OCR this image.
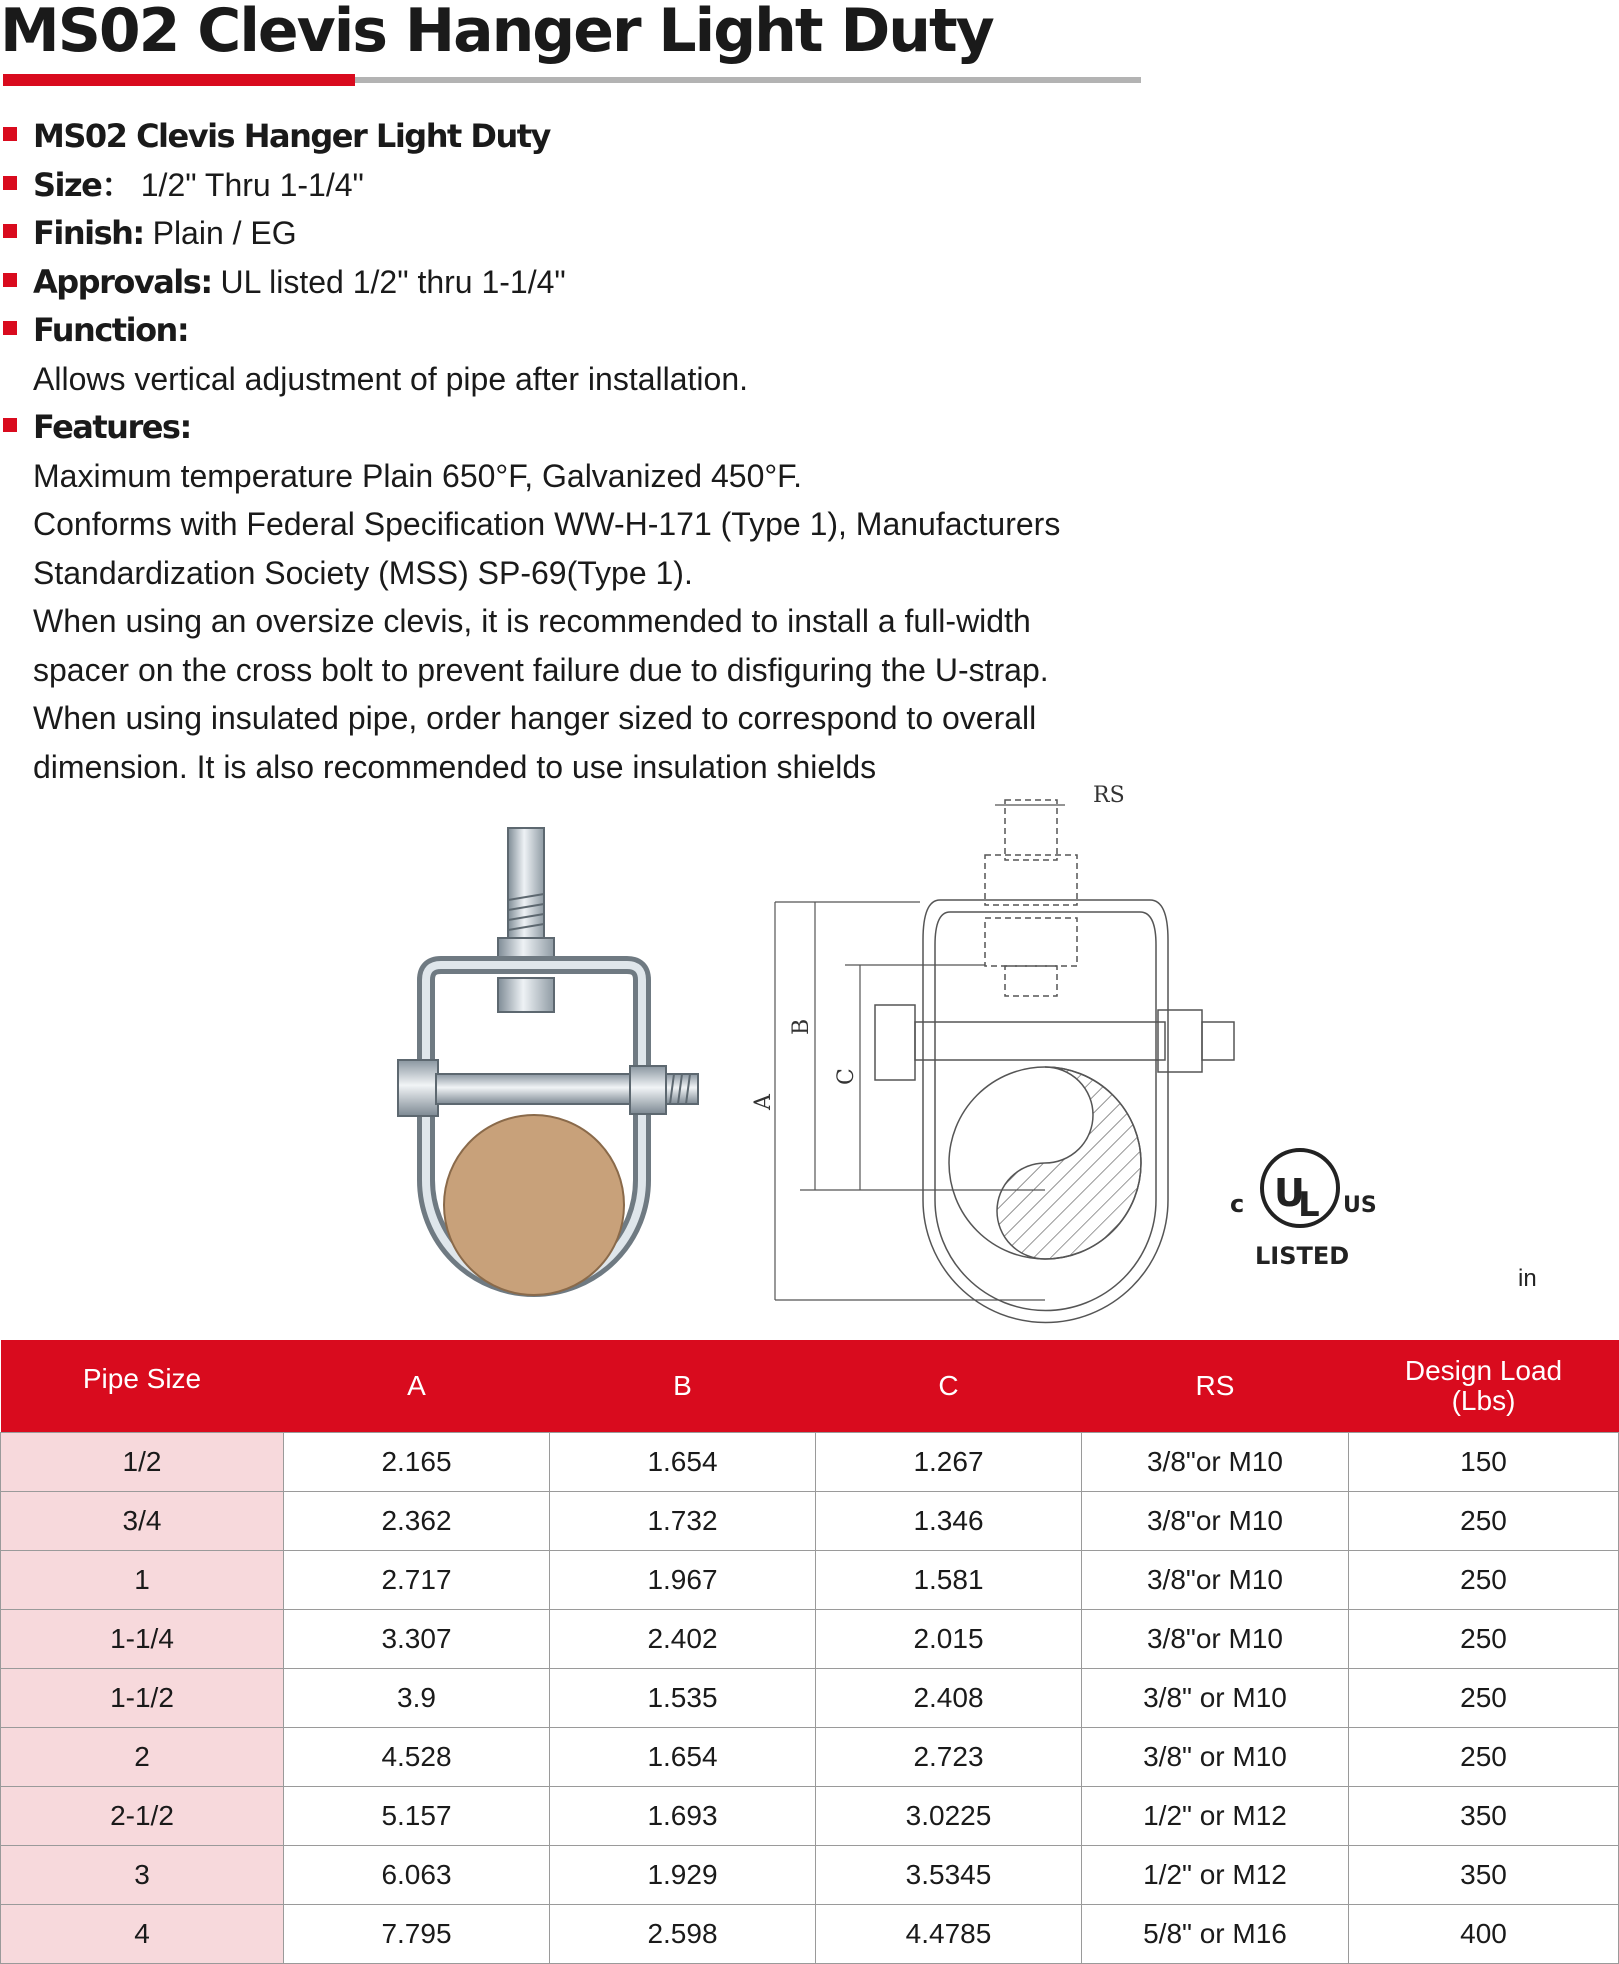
MS02 Clevis Hanger Light Duty
MS02 Clevis Hanger Light Duty
Size： 1/2" Thru 1-1/4"
Finish: Plain / EG
Approvals: UL listed 1/2" thru 1-1/4"
Function:
Allows vertical adjustment of pipe after installation.
Features:
Maximum temperature Plain 650°F, Galvanized 450°F.
Conforms with Federal Specification WW-H-171 (Type 1), Manufacturers
Standardization Society (MSS) SP-69(Type 1).
When using an oversize clevis, it is recommended to install a full-width
spacer on the cross bolt to prevent failure due to disfiguring the U-strap.
When using insulated pipe, order hanger sized to correspond to overall
dimension. It is also recommended to use insulation shields
RS
A
B
C
U
L
c	US
LISTED
in
Pipe Size	A	B	C	RS	Design Load
(Lbs)

1/2	2.165	1.654	1.267	3/8"or M10	150
3/4	2.362	1.732	1.346	3/8"or M10	250
1	2.717	1.967	1.581	3/8"or M10	250
1-1/4	3.307	2.402	2.015	3/8"or M10	250
1-1/2	3.9	1.535	2.408	3/8" or M10	250
2	4.528	1.654	2.723	3/8" or M10	250
2-1/2	5.157	1.693	3.0225	1/2" or M12	350
3	6.063	1.929	3.5345	1/2" or M12	350
4	7.795	2.598	4.4785	5/8" or M16	400
